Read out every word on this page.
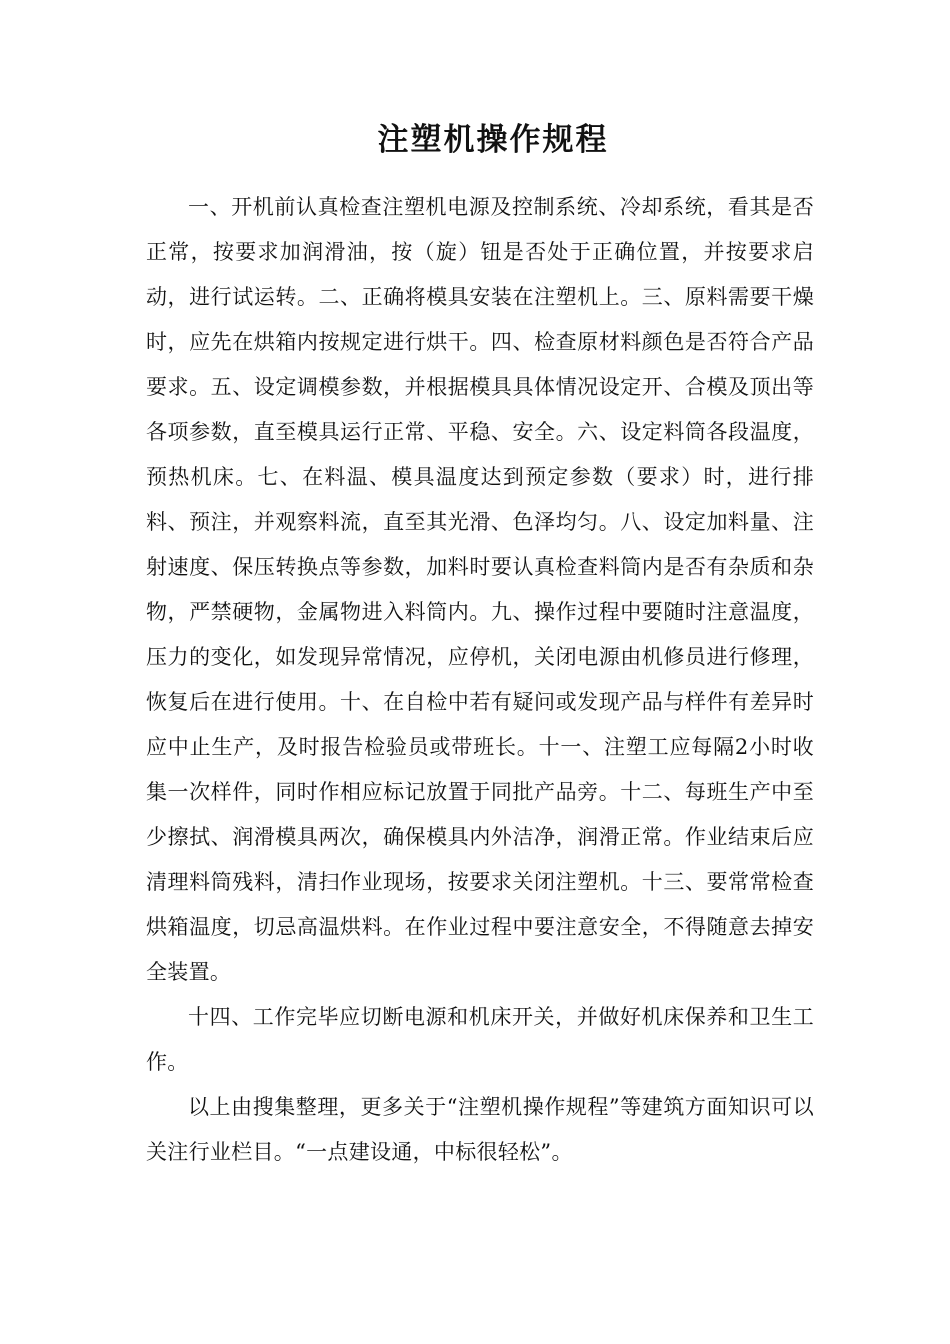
注塑机操作规程

一、开机前认真检查注塑机电源及控制系统、冷却系统，看其是否正常，按要求加润滑油，按（旋）钮是否处于正确位置，并按要求启动，进行试运转。二、正确将模具安装在注塑机上。三、原料需要干燥时，应先在烘箱内按规定进行烘干。四、检查原材料颜色是否符合产品要求。五、设定调模参数，并根据模具具体情况设定开、合模及顶出等各项参数，直至模具运行正常、平稳、安全。六、设定料筒各段温度，预热机床。七、在料温、模具温度达到预定参数（要求）时，进行排料、预注，并观察料流，直至其光滑、色泽均匀。八、设定加料量、注射速度、保压转换点等参数，加料时要认真检查料筒内是否有杂质和杂物，严禁硬物，金属物进入料筒内。九、操作过程中要随时注意温度，压力的变化，如发现异常情况，应停机，关闭电源由机修员进行修理，恢复后在进行使用。十、在自检中若有疑问或发现产品与样件有差异时应中止生产，及时报告检验员或带班长。十一、注塑工应每隔2小时收集一次样件，同时作相应标记放置于同批产品旁。十二、每班生产中至少擦拭、润滑模具两次，确保模具内外洁净，润滑正常。作业结束后应清理料筒残料，清扫作业现场，按要求关闭注塑机。十三、要常常检查烘箱温度，切忌高温烘料。在作业过程中要注意安全，不得随意去掉安全装置。

十四、工作完毕应切断电源和机床开关，并做好机床保养和卫生工作。

以上由搜集整理，更多关于“注塑机操作规程”等建筑方面知识可以关注行业栏目。“一点建设通，中标很轻松”。
